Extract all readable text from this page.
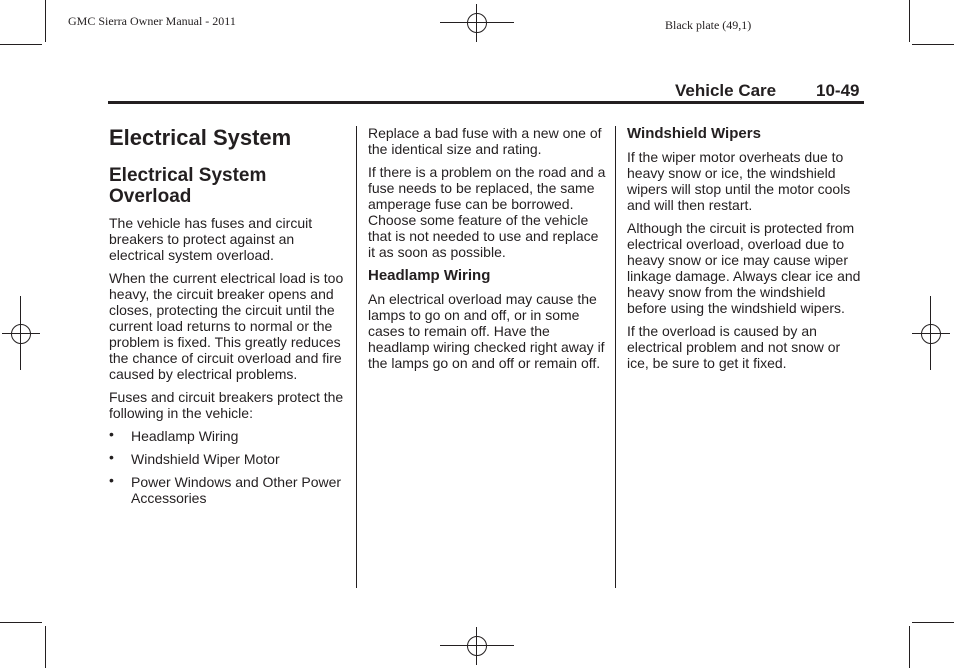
GMC Sierra Owner Manual - 2011	Black plate (49,1)
Vehicle Care 10-49
Electrical System
Electrical System Overload

The vehicle has fuses and circuit breakers to protect against an electrical system overload.

When the current electrical load is too heavy, the circuit breaker opens and closes, protecting the circuit until the current load returns to normal or the problem is fixed. This greatly reduces the chance of circuit overload and fire caused by electrical problems.

Fuses and circuit breakers protect the following in the vehicle:

• Headlamp Wiring
• Windshield Wiper Motor
• Power Windows and Other Power Accessories

Replace a bad fuse with a new one of the identical size and rating.

If there is a problem on the road and a fuse needs to be replaced, the same amperage fuse can be borrowed. Choose some feature of the vehicle that is not needed to use and replace it as soon as possible.

Headlamp Wiring

An electrical overload may cause the lamps to go on and off, or in some cases to remain off. Have the headlamp wiring checked right away if the lamps go on and off or remain off.

Windshield Wipers

If the wiper motor overheats due to heavy snow or ice, the windshield wipers will stop until the motor cools and will then restart.

Although the circuit is protected from electrical overload, overload due to heavy snow or ice may cause wiper linkage damage. Always clear ice and heavy snow from the windshield before using the windshield wipers.

If the overload is caused by an electrical problem and not snow or ice, be sure to get it fixed.
